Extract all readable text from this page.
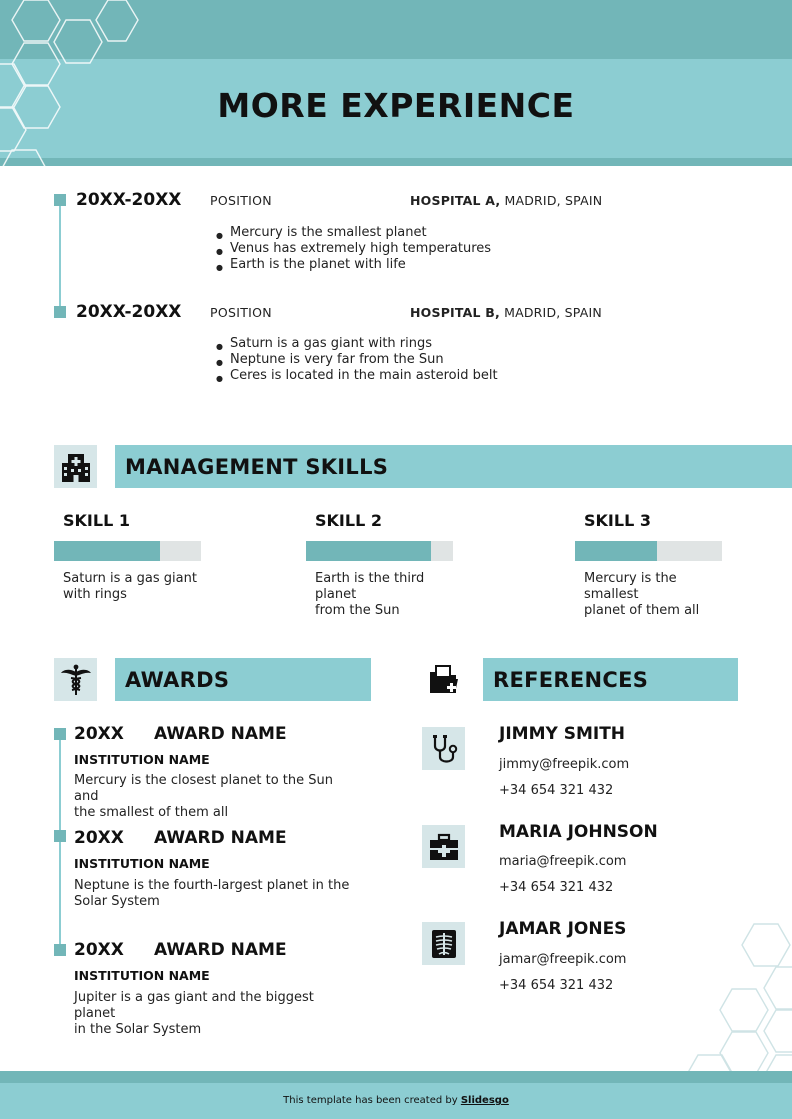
MORE EXPERIENCE
20XX-20XX POSITION	HOSPITAL A, MADRID, SPAIN
● Mercury is the smallest planet
● Venus has extremely high temperatures
● Earth is the planet with life
20XX-20XX POSITION	HOSPITAL B, MADRID, SPAIN
● Saturn is a gas giant with rings
● Neptune is very far from the Sun
● Ceres is located in the main asteroid belt
MANAGEMENT SKILLS
SKILL 1
Saturn is a gas giant
with rings
SKILL 2
Earth is the third planet
from the Sun
SKILL 3
Mercury is the smallest
planet of them all
AWARDS
20XX AWARD NAME
INSTITUTION NAME
Mercury is the closest planet to the Sun and
the smallest of them all
20XX AWARD NAME
INSTITUTION NAME
Neptune is the fourth-largest planet in the
Solar System
20XX AWARD NAME
INSTITUTION NAME
Jupiter is a gas giant and the biggest planet
in the Solar System
REFERENCES
JIMMY SMITH
jimmy@freepik.com
+34 654 321 432
MARIA JOHNSON
maria@freepik.com
+34 654 321 432
JAMAR JONES
jamar@freepik.com
+34 654 321 432
This template has been created by Slidesgo
